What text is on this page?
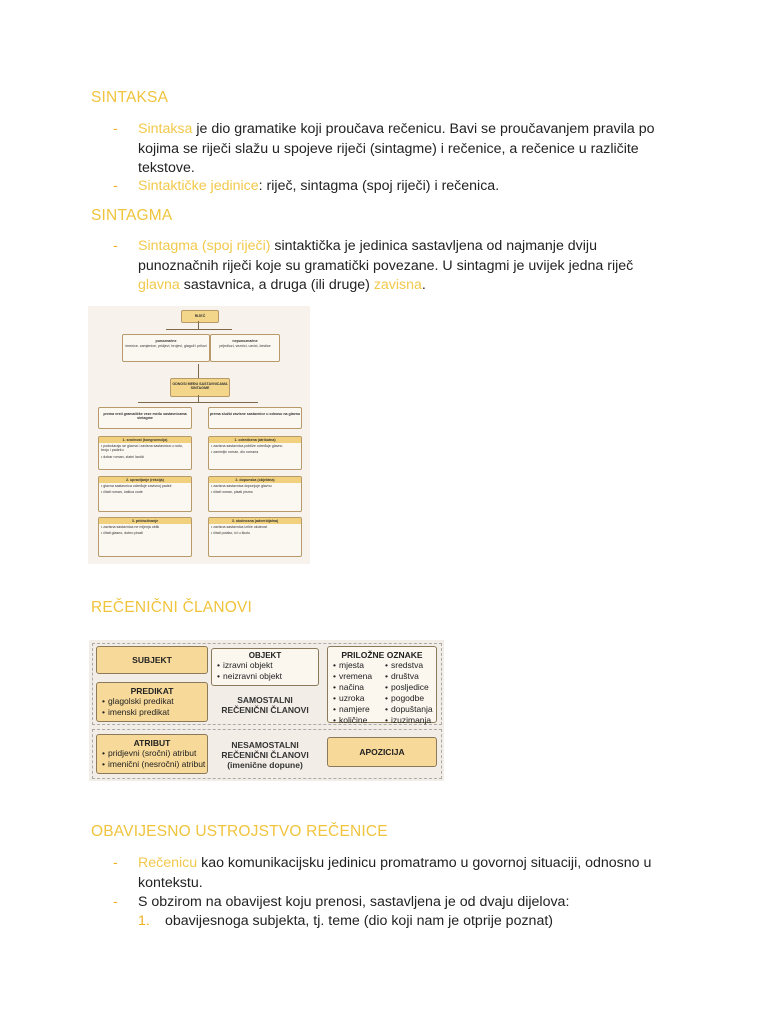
SINTAKSA
- Sintaksa je dio gramatike koji proučava rečenicu. Bavi se proučavanjem pravila po
kojima se riječi slažu u spojeve riječi (sintagme) i rečenice, a rečenice u različite
tekstove.
- Sintaktičke jedinice: riječ, sintagma (spoj riječi) i rečenica.
SINTAGMA
- Sintagma (spoj riječi) sintaktička je jedinica sastavljena od najmanje dviju
punoznačnih riječi koje su gramatički povezane. U sintagmi je uvijek jedna riječ
glavna sastavnica, a druga (ili druge) zavisna.
RIJEČ
punoznačne
imenice, zamjenice, pridjevi, brojevi, glagoli i prilozi
nepunoznačne
prijedlozi, veznici, uzvici, čestice
ODNOSI MEĐU SASTAVNICAMA SINTAGME
prema vrsti gramatičke veze među sastavnicama sintagme
prema službi zavisne sastavnice u odnosu na glavnu
1. sročnost (kongruencija)
• podudaraju se glavna i zavisna sastavnica u rodu, broju i padežu
• dobar roman, zlatni lančić
2. upravljanje (rekcija)
• glavna sastavnica određuje zavisnoj padež
• čitati roman, čašica vode
3. pridruživanje
• zavisna sastavnica ne mijenja oblik
• čitati glasno, dobro pisati
1. odredbena (atributna)
• zavisna sastavnica pobliže određuje glavnu
• zanimljiv roman, dio romana
2. dopunska (objektna)
• zavisna sastavnica dopunjuje glavnu
• čitati roman, pisati pismo
3. okolnosna (adverbijalna)
• zavisna sastavnica izriče okolnost
• čitati polako, ići u školu
REČENIČNI ČLANOVI
SUBJEKT	OBJEKT
• izravni objekt
• neizravni objekt
PRILOŽNE OZNAKE
• mjesta
• vremena
• načina
• uzroka
• namjere
• količine
• sredstva
• društva
• posljedice
• pogodbe
• dopuštanja
• izuzimanja
PREDIKAT
• glagolski predikat
• imenski predikat
SAMOSTALNI
REČENIČNI ČLANOVI
ATRIBUT
• pridjevni (sročni) atribut
• imenični (nesročni) atribut
NESAMOSTALNI
REČENIČNI ČLANOVI
(imenične dopune)
APOZICIJA
OBAVIJESNO USTROJSTVO REČENICE
- Rečenicu kao komunikacijsku jedinicu promatramo u govornoj situaciji, odnosno u
kontekstu.
- S obzirom na obavijest koju prenosi, sastavljena je od dvaju dijelova:
1. obavijesnoga subjekta, tj. teme (dio koji nam je otprije poznat)
